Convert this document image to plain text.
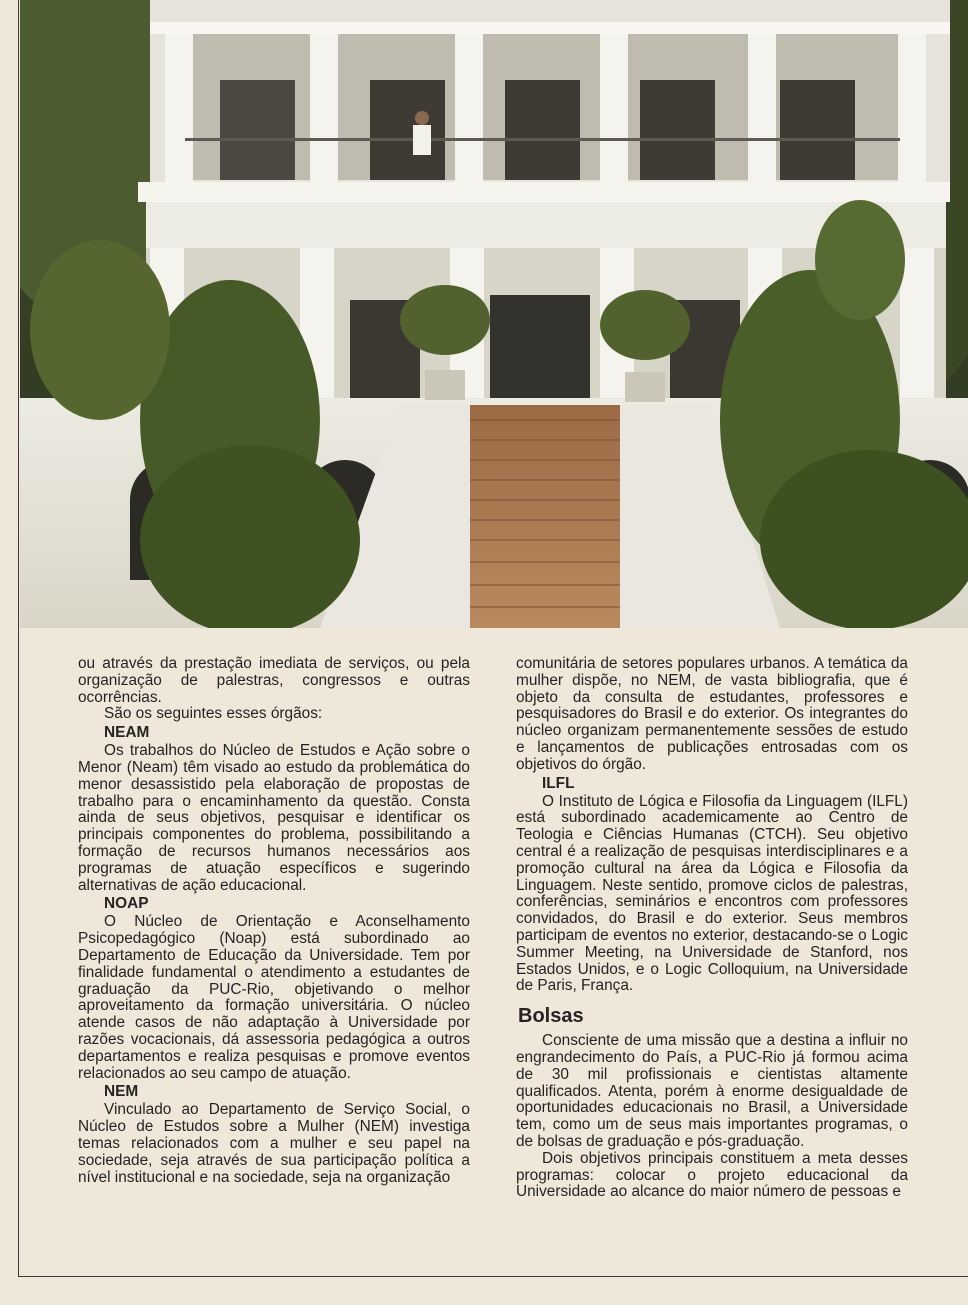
ou através da prestação imediata de serviços, ou pela organização de palestras, congressos e outras ocorrências.

São os seguintes esses órgãos:

NEAM

Os trabalhos do Núcleo de Estudos e Ação sobre o Menor (Neam) têm visado ao estudo da problemática do menor desassistido pela elaboração de propostas de trabalho para o encaminhamento da questão. Consta ainda de seus objetivos, pesquisar e identificar os principais componentes do problema, possibilitando a formação de recursos humanos necessários aos programas de atuação específicos e sugerindo alternativas de ação educacional.

NOAP

O Núcleo de Orientação e Aconselhamento Psicopedagógico (Noap) está subordinado ao Departamento de Educação da Universidade. Tem por finalidade fundamental o atendimento a estudantes de graduação da PUC-Rio, objetivando o melhor aproveitamento da formação universitária. O núcleo atende casos de não adaptação à Universidade por razões vocacionais, dá assessoria pedagógica a outros departamentos e realiza pesquisas e promove eventos relacionados ao seu campo de atuação.

NEM

Vinculado ao Departamento de Serviço Social, o Núcleo de Estudos sobre a Mulher (NEM) investiga temas relacionados com a mulher e seu papel na sociedade, seja através de sua participação política a nível institucional e na sociedade, seja na organização

comunitária de setores populares urbanos. A temática da mulher dispõe, no NEM, de vasta bibliografia, que é objeto da consulta de estudantes, professores e pesquisadores do Brasil e do exterior. Os integrantes do núcleo organizam permanentemente sessões de estudo e lançamentos de publicações entrosadas com os objetivos do órgão.

ILFL

O Instituto de Lógica e Filosofia da Linguagem (ILFL) está subordinado academicamente ao Centro de Teologia e Ciências Humanas (CTCH). Seu objetivo central é a realização de pesquisas interdisciplinares e a promoção cultural na área da Lógica e Filosofia da Linguagem. Neste sentido, promove ciclos de palestras, conferências, seminários e encontros com professores convidados, do Brasil e do exterior. Seus membros participam de eventos no exterior, destacando-se o Logic Summer Meeting, na Universidade de Stanford, nos Estados Unidos, e o Logic Colloquium, na Universidade de Paris, França.

Bolsas

Consciente de uma missão que a destina a influir no engrandecimento do País, a PUC-Rio já formou acima de 30 mil profissionais e cientistas altamente qualificados. Atenta, porém à enorme desigualdade de oportunidades educacionais no Brasil, a Universidade tem, como um de seus mais importantes programas, o de bolsas de graduação e pós-graduação.

Dois objetivos principais constituem a meta desses programas: colocar o projeto educacional da Universidade ao alcance do maior número de pessoas e
